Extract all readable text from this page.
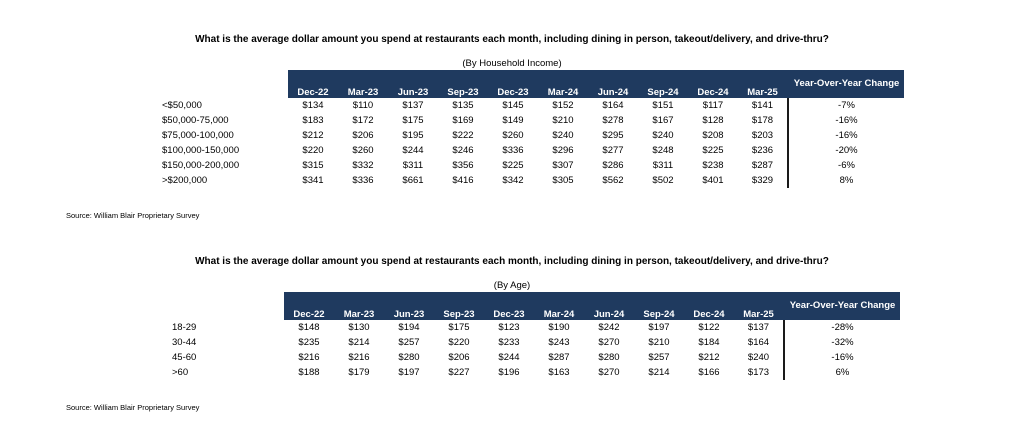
What is the average dollar amount you spend at restaurants each month, including dining in person, takeout/delivery, and drive-thru?
(By Household Income)
	Dec-22	Mar-23	Jun-23	Sep-23	Dec-23	Mar-24	Jun-24	Sep-24	Dec-24	Mar-25	Year-Over-Year Change
<$50,000	$134	$110	$137	$135	$145	$152	$164	$151	$117	$141	-7%
$50,000-75,000	$183	$172	$175	$169	$149	$210	$278	$167	$128	$178	-16%
$75,000-100,000	$212	$206	$195	$222	$260	$240	$295	$240	$208	$203	-16%
$100,000-150,000	$220	$260	$244	$246	$336	$296	$277	$248	$225	$236	-20%
$150,000-200,000	$315	$332	$311	$356	$225	$307	$286	$311	$238	$287	-6%
>$200,000	$341	$336	$661	$416	$342	$305	$562	$502	$401	$329	8%
Source: William Blair Proprietary Survey
What is the average dollar amount you spend at restaurants each month, including dining in person, takeout/delivery, and drive-thru?
(By Age)
	Dec-22	Mar-23	Jun-23	Sep-23	Dec-23	Mar-24	Jun-24	Sep-24	Dec-24	Mar-25	Year-Over-Year Change
18-29	$148	$130	$194	$175	$123	$190	$242	$197	$122	$137	-28%
30-44	$235	$214	$257	$220	$233	$243	$270	$210	$184	$164	-32%
45-60	$216	$216	$280	$206	$244	$287	$280	$257	$212	$240	-16%
>60	$188	$179	$197	$227	$196	$163	$270	$214	$166	$173	6%
Source: William Blair Proprietary Survey
